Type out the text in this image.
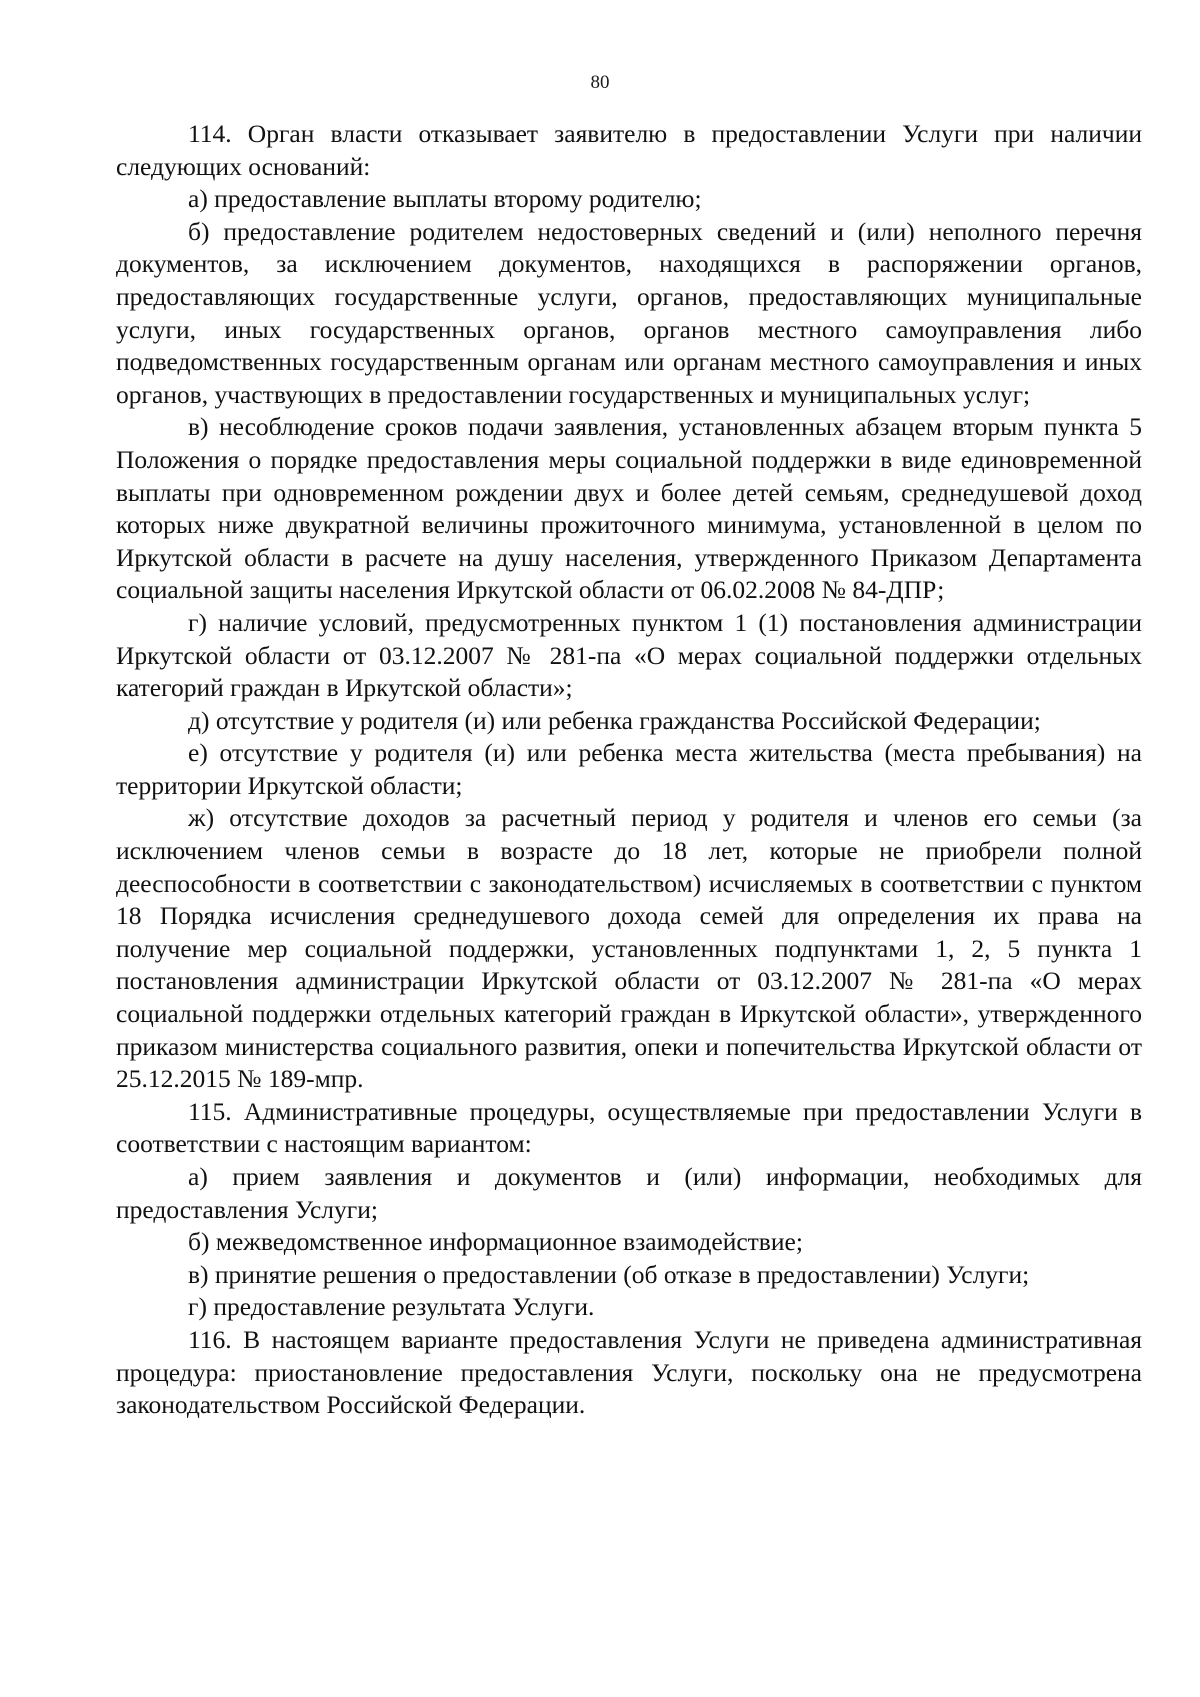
80

114. Орган власти отказывает заявителю в предоставлении Услуги при наличии следующих оснований:

а) предоставление выплаты второму родителю;

б) предоставление родителем недостоверных сведений и (или) неполного перечня документов, за исключением документов, находящихся в распоряжении органов, предоставляющих государственные услуги, органов, предоставляющих муниципальные услуги, иных государственных органов, органов местного самоуправления либо подведомственных государственным органам или органам местного самоуправления и иных органов, участвующих в предоставлении государственных и муниципальных услуг;

в) несоблюдение сроков подачи заявления, установленных абзацем вторым пункта 5 Положения о порядке предоставления меры социальной поддержки в виде единовременной выплаты при одновременном рождении двух и более детей семьям, среднедушевой доход которых ниже двукратной величины прожиточного минимума, установленной в целом по Иркутской области в расчете на душу населения, утвержденного Приказом Департамента социальной защиты населения Иркутской области от 06.02.2008 № 84-ДПР;

г) наличие условий, предусмотренных пунктом 1 (1) постановления администрации Иркутской области от 03.12.2007 № 281-па «О мерах социальной поддержки отдельных категорий граждан в Иркутской области»;

д) отсутствие у родителя (и) или ребенка гражданства Российской Федерации;

е) отсутствие у родителя (и) или ребенка места жительства (места пребывания) на территории Иркутской области;

ж) отсутствие доходов за расчетный период у родителя и членов его семьи (за исключением членов семьи в возрасте до 18 лет, которые не приобрели полной дееспособности в соответствии с законодательством) исчисляемых в соответствии с пунктом 18 Порядка исчисления среднедушевого дохода семей для определения их права на получение мер социальной поддержки, установленных подпунктами 1, 2, 5 пункта 1 постановления администрации Иркутской области от 03.12.2007 № 281-па «О мерах социальной поддержки отдельных категорий граждан в Иркутской области», утвержденного приказом министерства социального развития, опеки и попечительства Иркутской области от 25.12.2015 № 189-мпр.

115. Административные процедуры, осуществляемые при предоставлении Услуги в соответствии с настоящим вариантом:

а) прием заявления и документов и (или) информации, необходимых для предоставления Услуги;

б) межведомственное информационное взаимодействие;

в) принятие решения о предоставлении (об отказе в предоставлении) Услуги;

г) предоставление результата Услуги.

116. В настоящем варианте предоставления Услуги не приведена административная процедура: приостановление предоставления Услуги, поскольку она не предусмотрена законодательством Российской Федерации.
